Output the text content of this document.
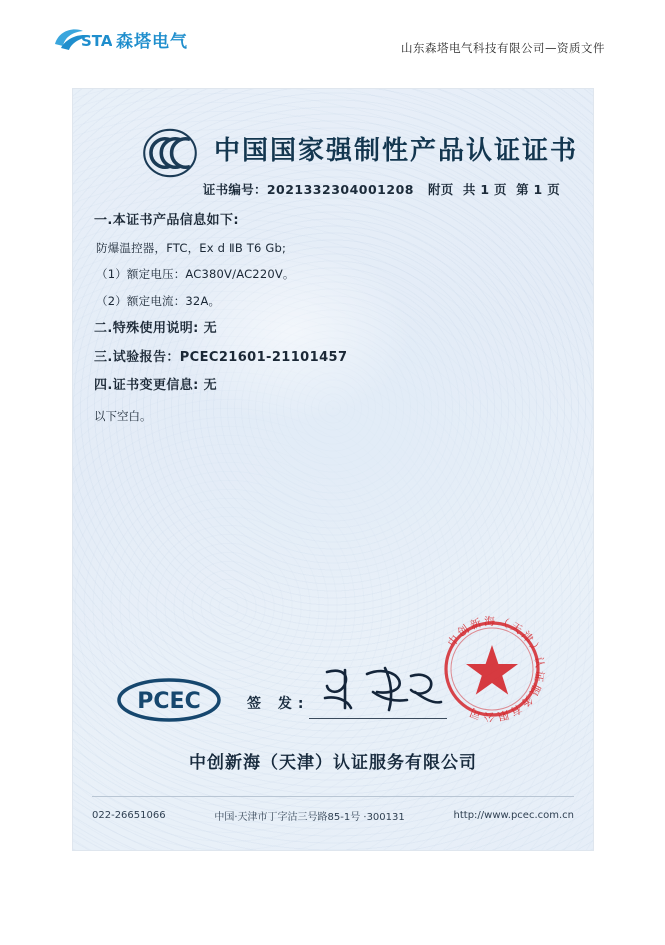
STA 森塔电气	山东森塔电气科技有限公司—资质文件
中国国家强制性产品认证证书
证书编号：2021332304001208 附页 共 1 页 第 1 页

一.本证书产品信息如下:

防爆温控器，FTC，Ex d ⅡB T6 Gb;

（1）额定电压：AC380V/AC220V。

（2）额定电流：32A。

二.特殊使用说明: 无

三.试验报告：PCEC21601-21101457

四.证书变更信息: 无

以下空白。

PCEC	签 发:
中创新海（天津）认证服务有限公司
中创新海（天津）认证服务有限公司
022-26651066	中国·天津市丁字沽三号路85-1号 ⋅300131	http://www.pcec.com.cn
